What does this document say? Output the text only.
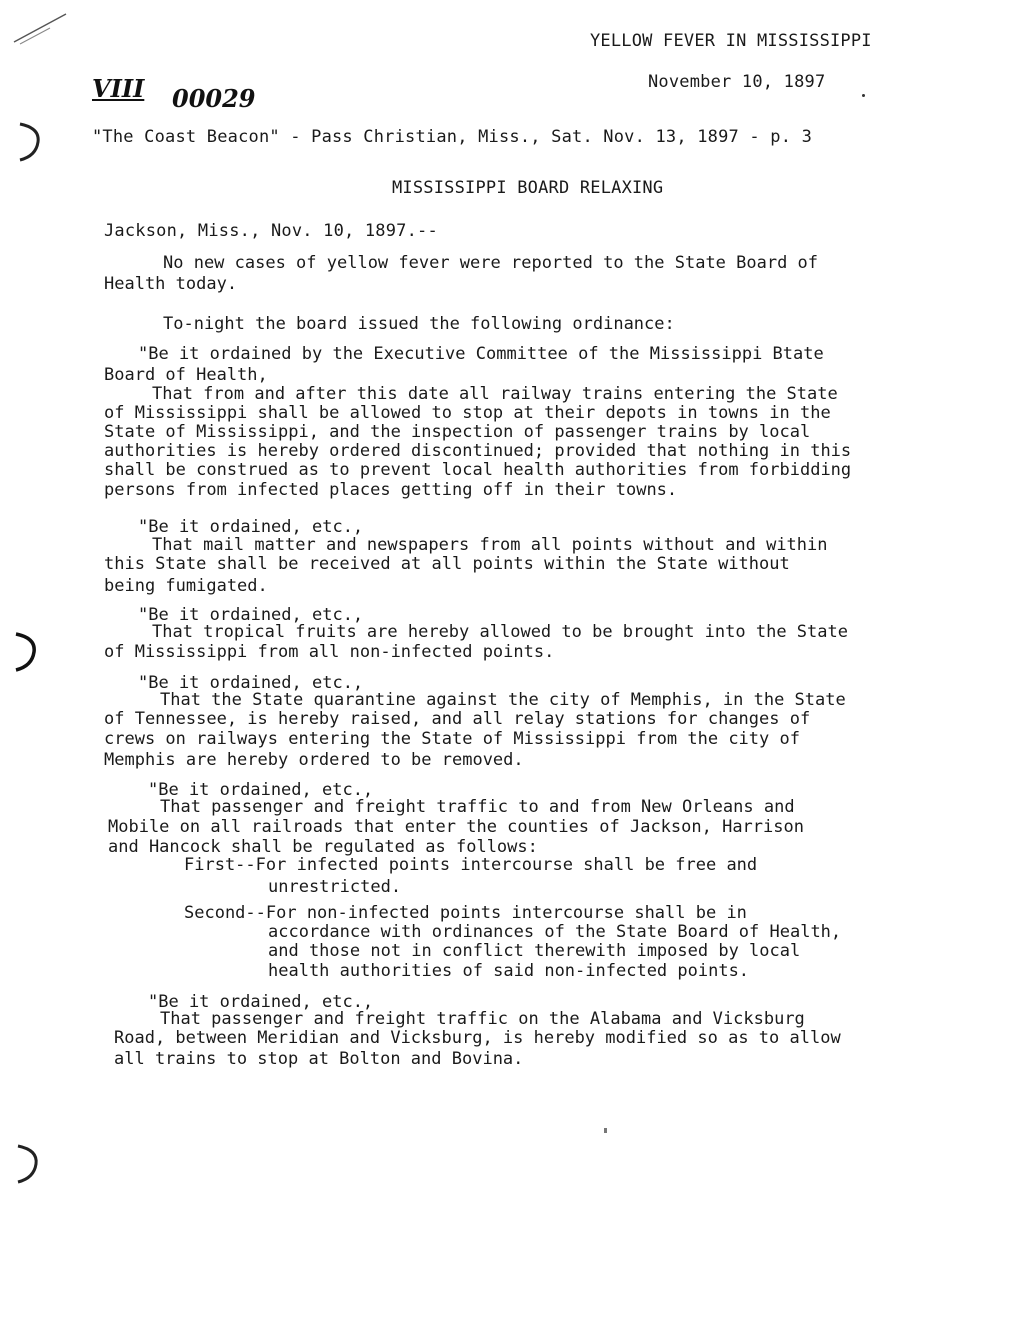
YELLOW FEVER IN MISSISSIPPI
November 10, 1897
VIII 00029
"The Coast Beacon" - Pass Christian, Miss., Sat. Nov. 13, 1897 - p. 3
MISSISSIPPI BOARD RELAXING
Jackson, Miss., Nov. 10, 1897.--
No new cases of yellow fever were reported to the State Board of
Health today.
To-night the board issued the following ordinance:
"Be it ordained by the Executive Committee of the Mississippi Btate
Board of Health,
That from and after this date all railway trains entering the State
of Mississippi shall be allowed to stop at their depots in towns in the
State of Mississippi, and the inspection of passenger trains by local
authorities is hereby ordered discontinued; provided that nothing in this
shall be construed as to prevent local health authorities from forbidding
persons from infected places getting off in their towns.
"Be it ordained, etc.,
That mail matter and newspapers from all points without and within
this State shall be received at all points within the State without
being fumigated.
"Be it ordained, etc.,
That tropical fruits are hereby allowed to be brought into the State
of Mississippi from all non-infected points.
"Be it ordained, etc.,
That the State quarantine against the city of Memphis, in the State
of Tennessee, is hereby raised, and all relay stations for changes of
crews on railways entering the State of Mississippi from the city of
Memphis are hereby ordered to be removed.
"Be it ordained, etc.,
That passenger and freight traffic to and from New Orleans and
Mobile on all railroads that enter the counties of Jackson, Harrison
and Hancock shall be regulated as follows:
First--For infected points intercourse shall be free and
unrestricted.
Second--For non-infected points intercourse shall be in
accordance with ordinances of the State Board of Health,
and those not in conflict therewith imposed by local
health authorities of said non-infected points.
"Be it ordained, etc.,
That passenger and freight traffic on the Alabama and Vicksburg
Road, between Meridian and Vicksburg, is hereby modified so as to allow
all trains to stop at Bolton and Bovina.
